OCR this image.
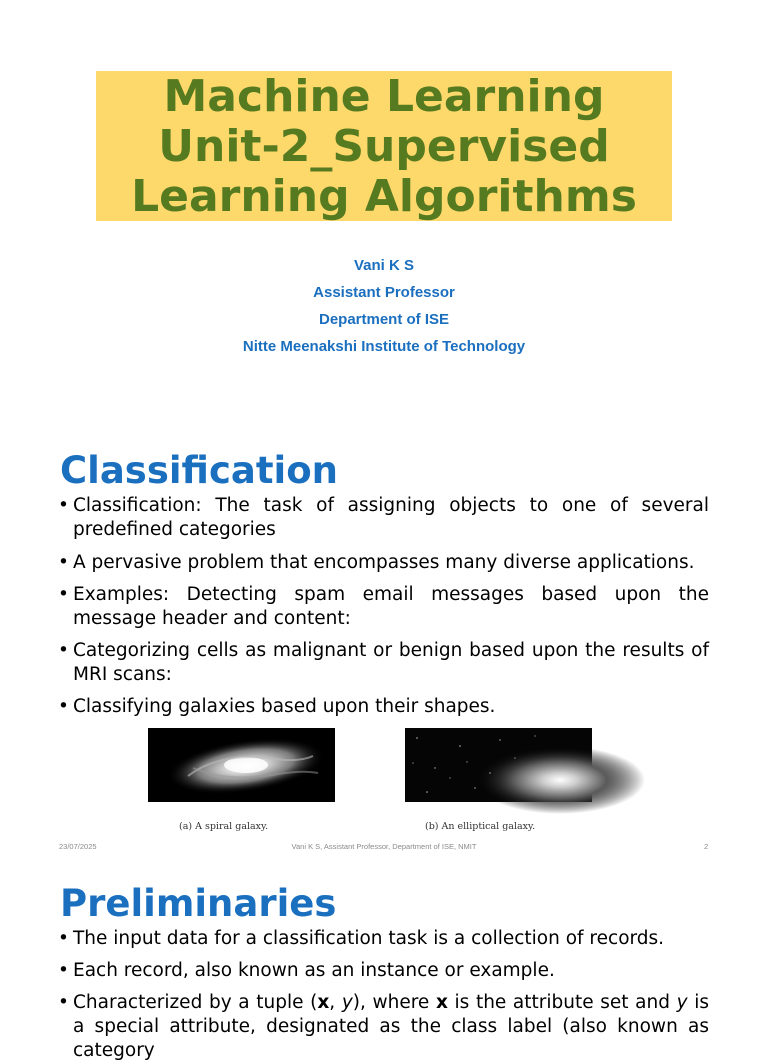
Machine Learning
Unit-2_Supervised
Learning Algorithms
Vani K S
Assistant Professor
Department of ISE
Nitte Meenakshi Institute of Technology
Classification
• Classification: The task of assigning objects to one of several predefined categories
• A pervasive problem that encompasses many diverse applications.
• Examples: Detecting spam email messages based upon the message header and content:
• Categorizing cells as malignant or benign based upon the results of MRI scans:
• Classifying galaxies based upon their shapes.
(a) A spiral galaxy.	(b) An elliptical galaxy.
23/07/2025	Vani K S, Assistant Professor, Department of ISE, NMIT	2
Preliminaries
• The input data for a classification task is a collection of records.
• Each record, also known as an instance or example.
• Characterized by a tuple (x, y), where x is the attribute set and y is a special attribute, designated as the class label (also known as category
